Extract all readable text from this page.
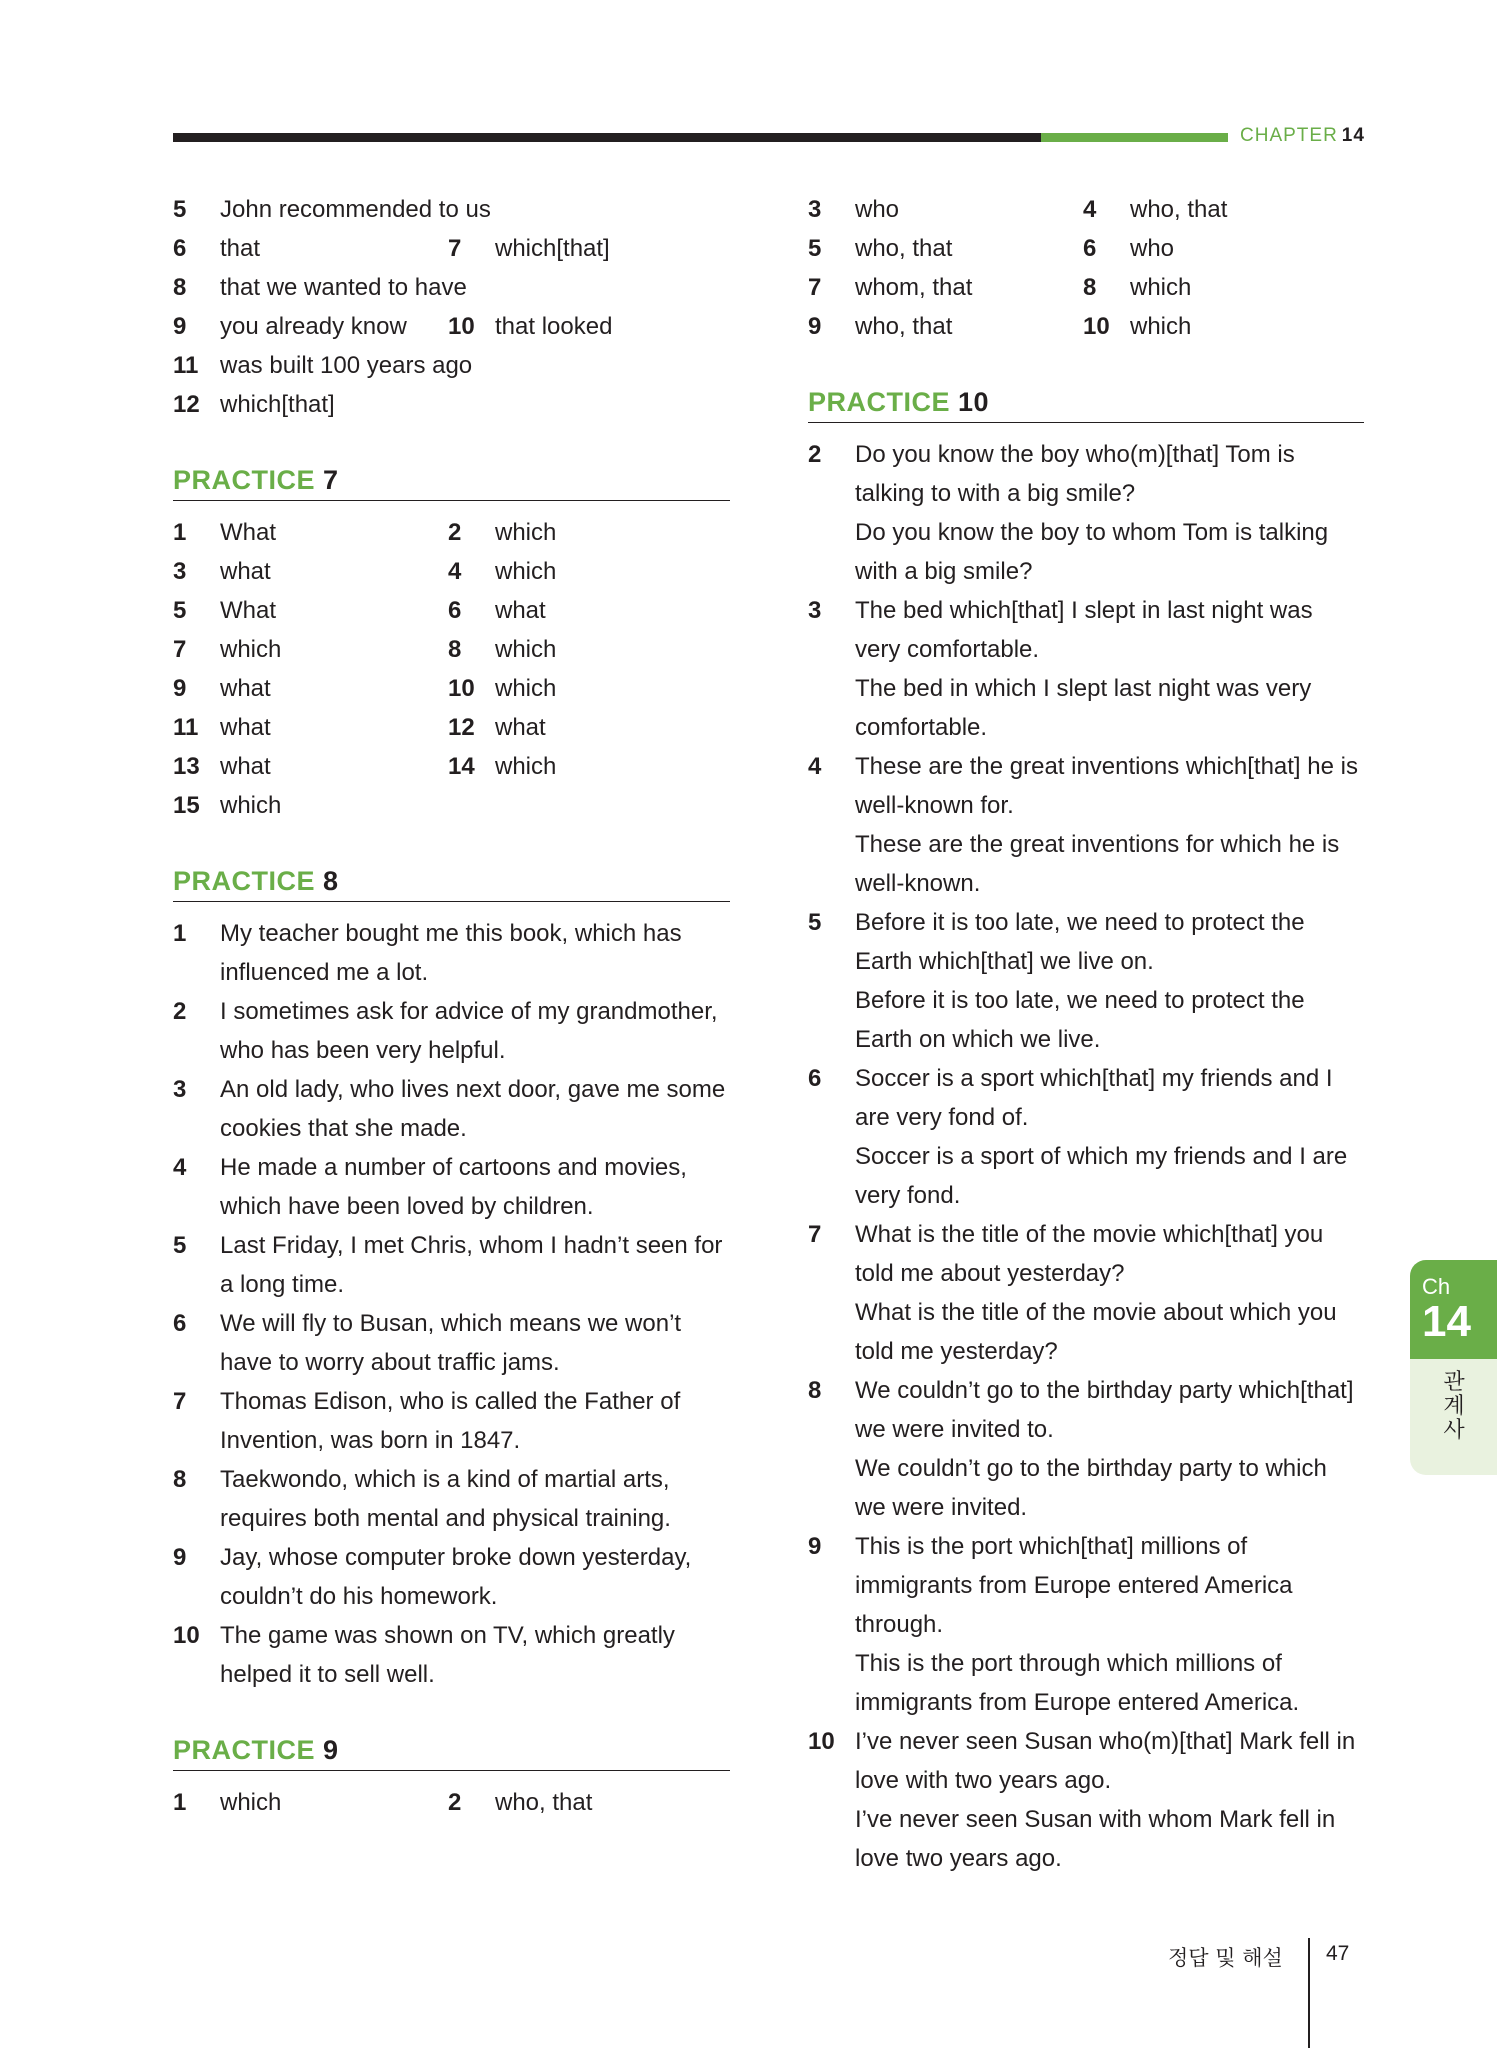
CHAPTER 14
5	John recommended to us
6	that	7	which[that]
8	that we wanted to have
9	you already know 10 that looked
11 was built 100 years ago
12 which[that]
PRACTICE 7
1	What	2	which
3	what	4	which
5	What	6	what
7	which	8	which
9	what	10 which
11 what	12 what
13 what	14 which
15 which
PRACTICE 8
1	My teacher bought me this book, which has influenced me a lot.
2	I sometimes ask for advice of my grandmother, who has been very helpful.
3	An old lady, who lives next door, gave me some cookies that she made.
4	He made a number of cartoons and movies, which have been loved by children.
5	Last Friday, I met Chris, whom I hadn’t seen for a long time.
6	We will fly to Busan, which means we won’t have to worry about traffic jams.
7	Thomas Edison, who is called the Father of Invention, was born in 1847.
8	Taekwondo, which is a kind of martial arts, requires both mental and physical training.
9	Jay, whose computer broke down yesterday, couldn’t do his homework.
10 The game was shown on TV, which greatly helped it to sell well.
PRACTICE 9
1	which	2	who, that
3	who	4	who, that
5	who, that	6	who
7	whom, that	8	which
9	who, that	10 which
PRACTICE 10
2	Do you know the boy who(m)[that] Tom is talking to with a big smile?
Do you know the boy to whom Tom is talking with a big smile?
3	The bed which[that] I slept in last night was very comfortable.
The bed in which I slept last night was very comfortable.
4	These are the great inventions which[that] he is well-known for.
These are the great inventions for which he is well-known.
5	Before it is too late, we need to protect the Earth which[that] we live on.
Before it is too late, we need to protect the Earth on which we live.
6	Soccer is a sport which[that] my friends and I are very fond of.
Soccer is a sport of which my friends and I are very fond.
7	What is the title of the movie which[that] you told me about yesterday?
What is the title of the movie about which you told me yesterday?
8	We couldn’t go to the birthday party which[that] we were invited to.
We couldn’t go to the birthday party to which we were invited.
9	This is the port which[that] millions of immigrants from Europe entered America through.
This is the port through which millions of immigrants from Europe entered America.
10 I’ve never seen Susan who(m)[that] Mark fell in love with two years ago.
I’ve never seen Susan with whom Mark fell in love two years ago.
Ch
14
관
계
사
정답 및 해설 47
